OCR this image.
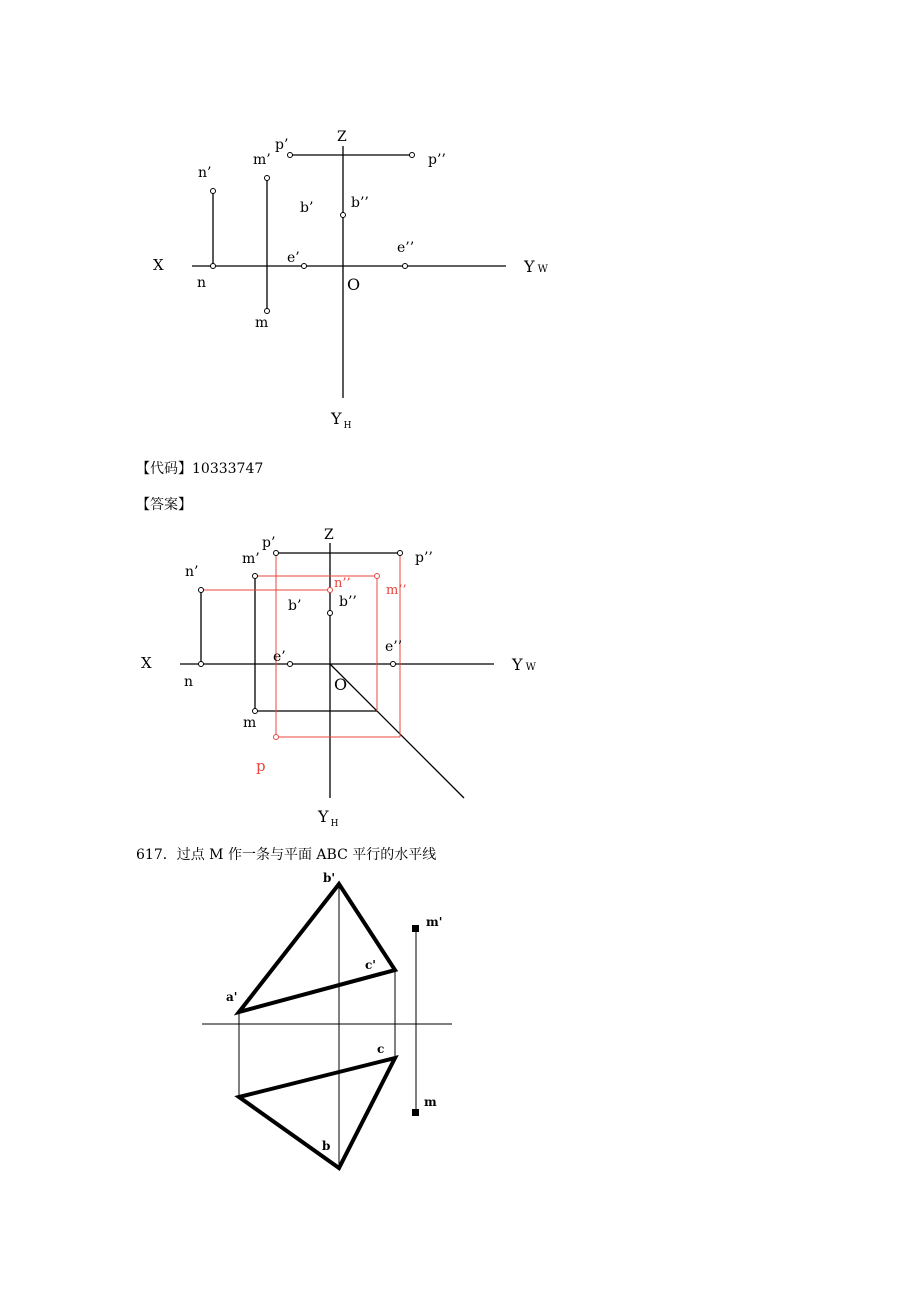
Z
X	Y W
Y $_H$
O
p’
p’’
n’
m’
b’	b’’
e’
e’’
n
m
【代码】10333747
【答案】
Z
X	Y W
Y $_H$
O
p’
p’’
n’
m’
b’	b’’
e’
e’’
n
m
n’’	m’’
p
617．过点 M 作一条与平面 ABC 平行的水平线
b'
a'
c'
m'
c
m
b
